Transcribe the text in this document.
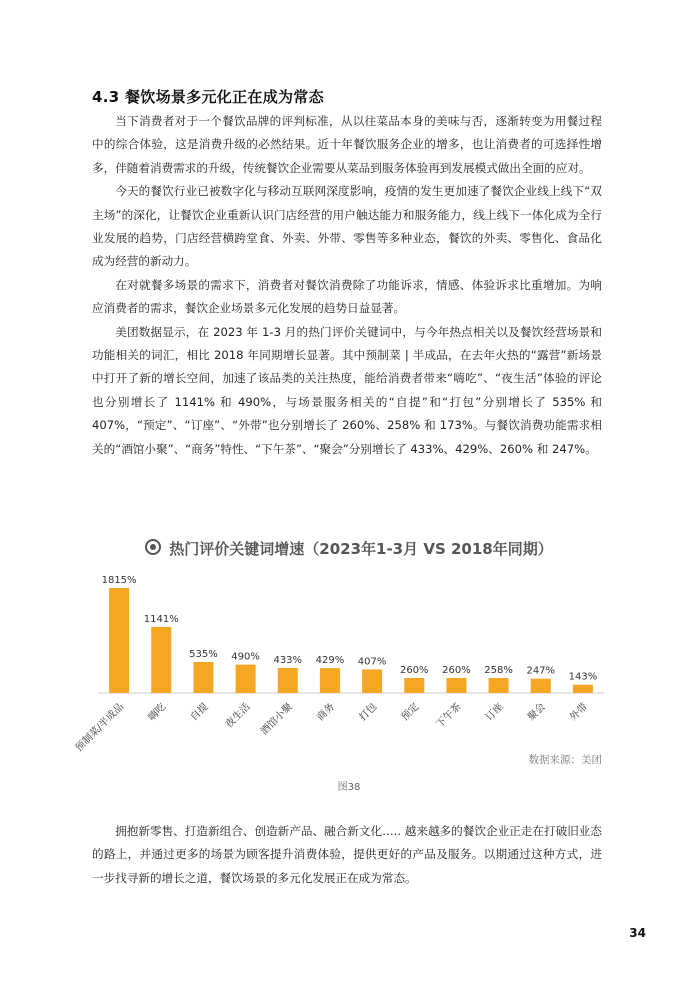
4.3 餐饮场景多元化正在成为常态

当下消费者对于一个餐饮品牌的评判标准，从以往菜品本身的美味与否，逐渐转变为用餐过程中的综合体验，这是消费升级的必然结果。近十年餐饮服务企业的增多，也让消费者的可选择性增多，伴随着消费需求的升级，传统餐饮企业需要从菜品到服务体验再到发展模式做出全面的应对。

今天的餐饮行业已被数字化与移动互联网深度影响，疫情的发生更加速了餐饮企业线上线下“双主场”的深化，让餐饮企业重新认识门店经营的用户触达能力和服务能力，线上线下一体化成为全行业发展的趋势，门店经营横跨堂食、外卖、外带、零售等多种业态，餐饮的外卖、零售化、食品化成为经营的新动力。

在对就餐多场景的需求下，消费者对餐饮消费除了功能诉求，情感、体验诉求比重增加。为响应消费者的需求，餐饮企业场景多元化发展的趋势日益显著。

美团数据显示，在 2023 年 1-3 月的热门评价关键词中，与今年热点相关以及餐饮经营场景和功能相关的词汇，相比 2018 年同期增长显著。其中预制菜 | 半成品，在去年火热的“露营”新场景中打开了新的增长空间，加速了该品类的关注热度，能给消费者带来“嗨吃”、“夜生活”体验的评论也分别增长了 1141% 和 490%，与场景服务相关的“自提”和“打包”分别增长了 535% 和 407%，“预定”、“订座”、“外带”也分别增长了 260%、258% 和 173%。与餐饮消费功能需求相关的“酒馆小聚”、“商务”特性、“下午茶”、“聚会”分别增长了 433%、429%、260% 和 247%。

热门评价关键词增速（2023年1-3月 VS 2018年同期）
1815%
预制菜/半成品
1141%
嗨吃
535%
自提
490%
夜生活
433%
酒馆小聚
429%
商务
407%
打包
260%
预定
260%
下午茶
258%
订座
247%
聚会
143%
外带
数据来源：美团
图38

拥抱新零售、打造新组合、创造新产品、融合新文化….. 越来越多的餐饮企业正走在打破旧业态的路上，并通过更多的场景为顾客提升消费体验，提供更好的产品及服务。以期通过这种方式，进一步找寻新的增长之道，餐饮场景的多元化发展正在成为常态。

34
